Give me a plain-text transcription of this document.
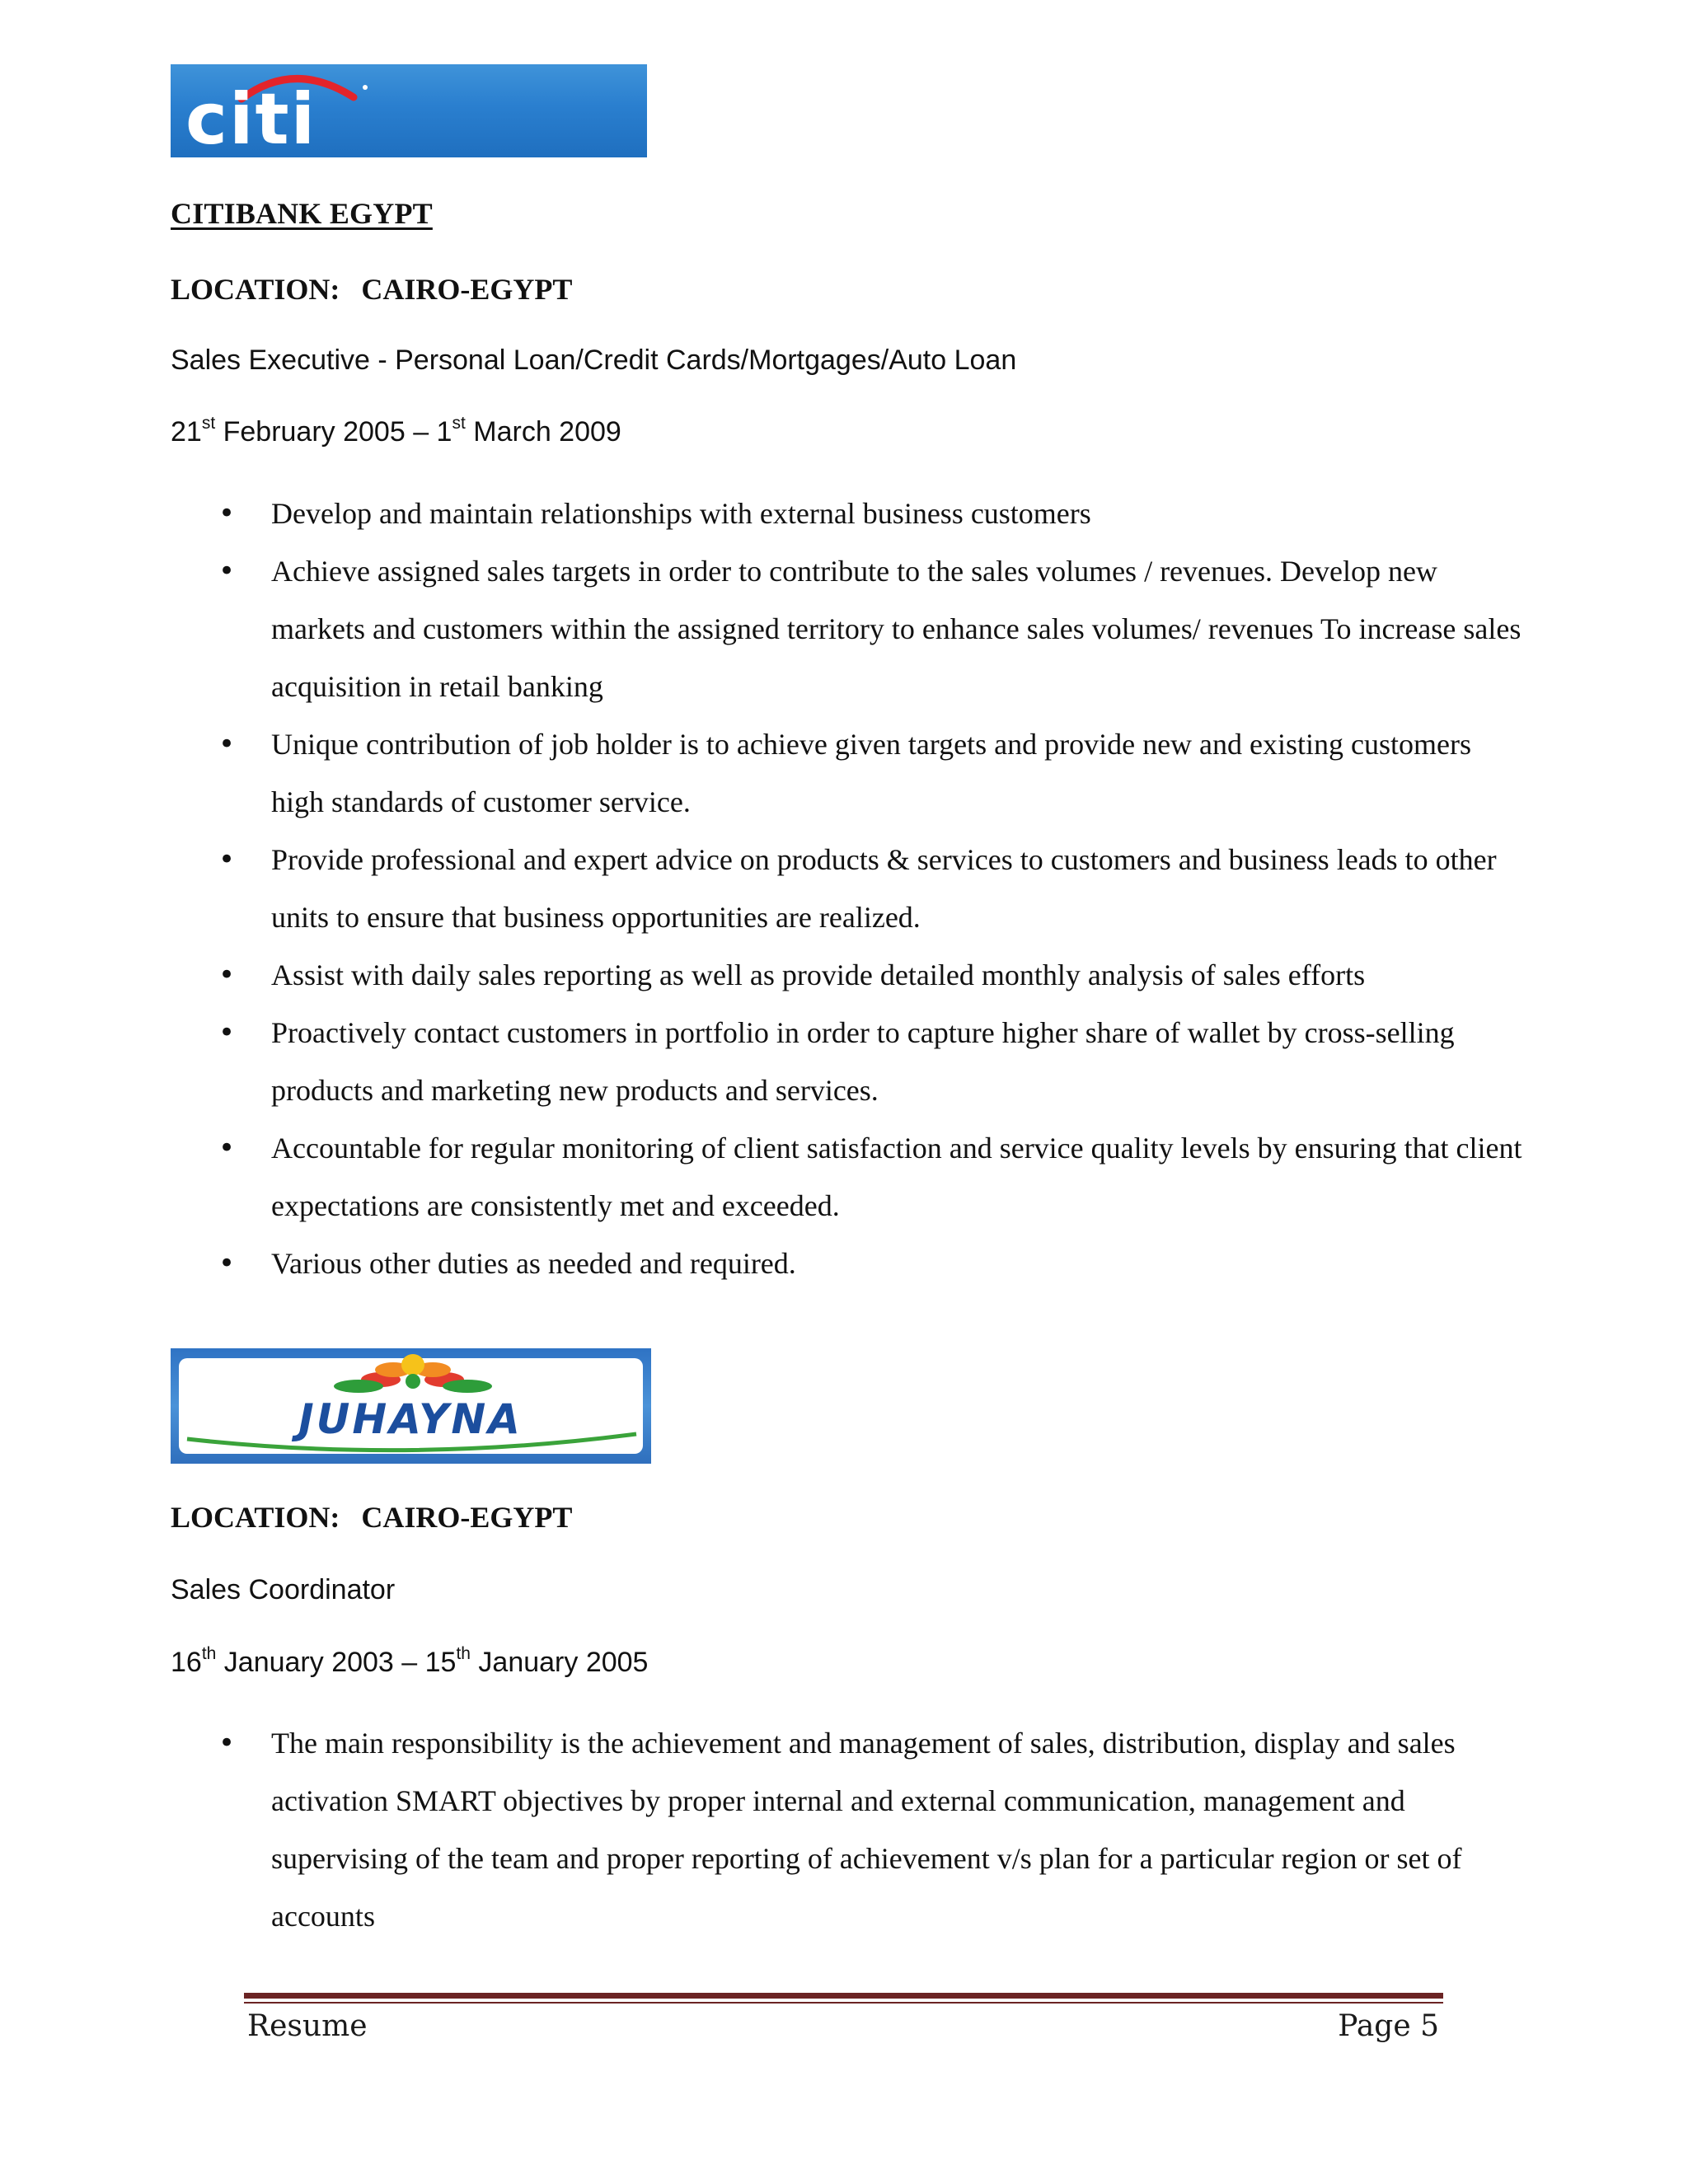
citi
CITIBANK EGYPT
LOCATION: CAIRO-EGYPT
Sales Executive - Personal Loan/Credit Cards/Mortgages/Auto Loan
21st February 2005 – 1st March 2009
• Develop and maintain relationships with external business customers
• Achieve assigned sales targets in order to contribute to the sales volumes / revenues. Develop new markets and customers within the assigned territory to enhance sales volumes/ revenues To increase sales acquisition in retail banking
• Unique contribution of job holder is to achieve given targets and provide new and existing customers high standards of customer service.
• Provide professional and expert advice on products & services to customers and business leads to other units to ensure that business opportunities are realized.
• Assist with daily sales reporting as well as provide detailed monthly analysis of sales efforts
• Proactively contact customers in portfolio in order to capture higher share of wallet by cross-selling products and marketing new products and services.
• Accountable for regular monitoring of client satisfaction and service quality levels by ensuring that client expectations are consistently met and exceeded.
• Various other duties as needed and required.
JUHAYNA
LOCATION: CAIRO-EGYPT
Sales Coordinator
16th January 2003 – 15th January 2005
• The main responsibility is the achievement and management of sales, distribution, display and sales activation SMART objectives by proper internal and external communication, management and supervising of the team and proper reporting of achievement v/s plan for a particular region or set of accounts
Resume	Page 5
